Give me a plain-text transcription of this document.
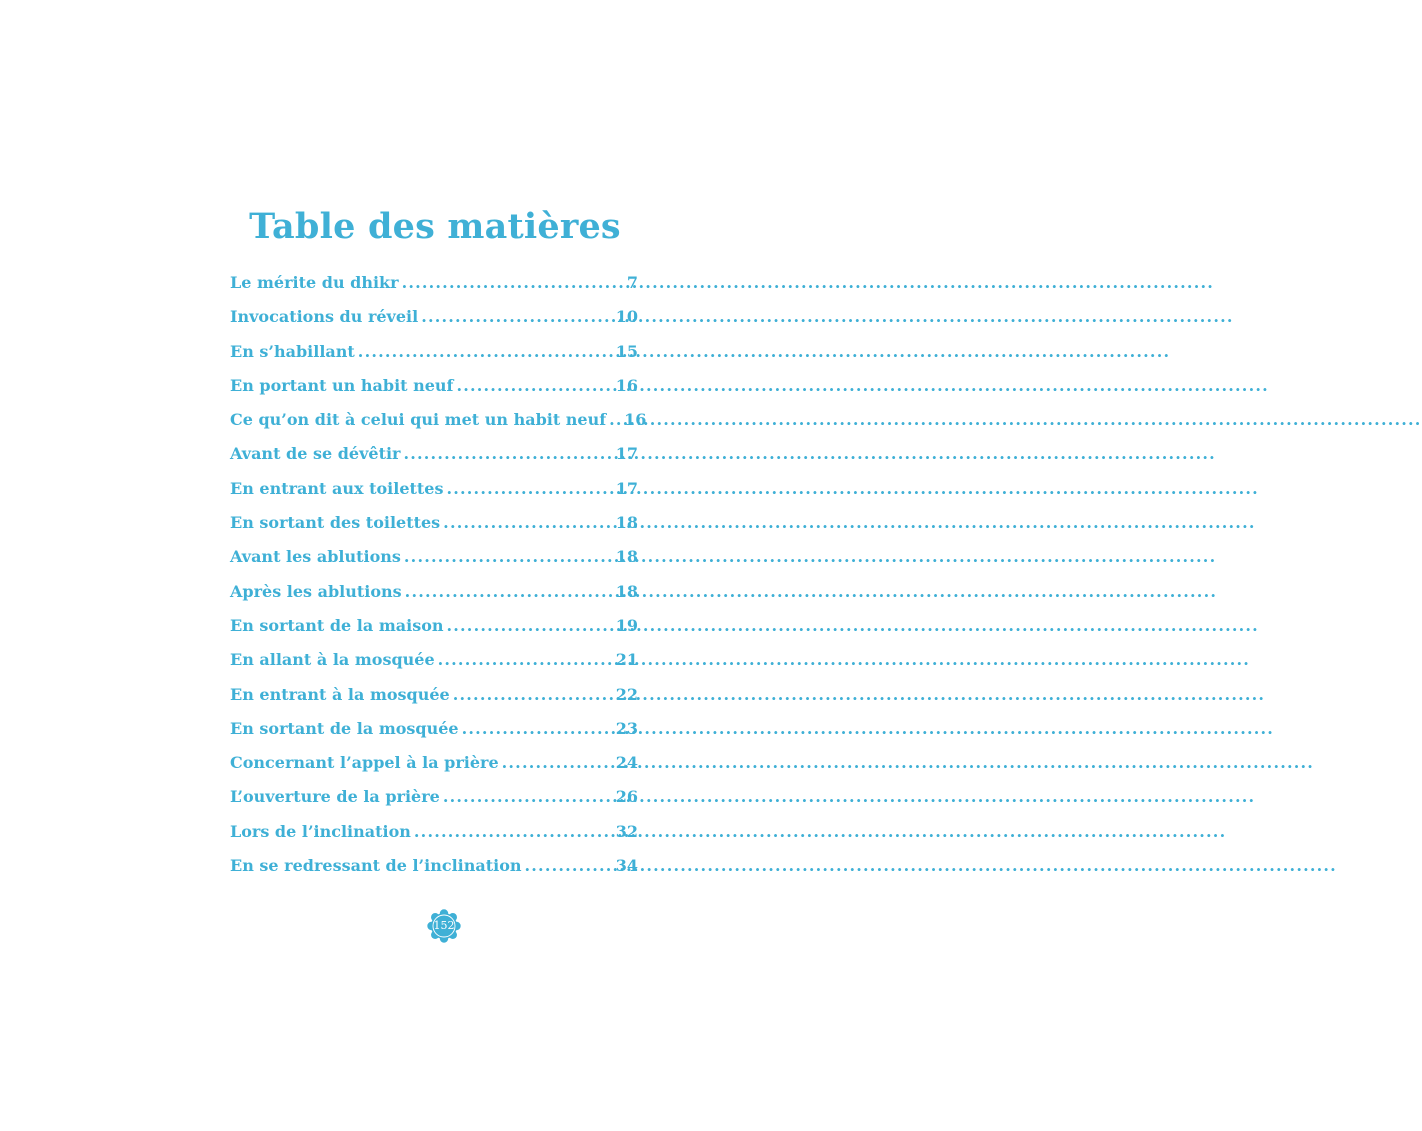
Table des matières
Le mérite du dhikr .....	7
Invocations du réveil .....	10
En s’habillant .....	15
En portant un habit neuf .....	16
Ce qu’on dit à celui qui met un habit neuf ..... 16
Avant de se dévêtir .....	17
En entrant aux toilettes .....	17
En sortant des toilettes .....	18
Avant les ablutions .....	18
Après les ablutions .....	18
En sortant de la maison .....	19
En allant à la mosquée .....	21
En entrant à la mosquée .....	22
En sortant de la mosquée .....	23
Concernant l’appel à la prière .....	24
L’ouverture de la prière .....	26
Lors de l’inclination .....	32
En se redressant de l’inclination .....	34
152
